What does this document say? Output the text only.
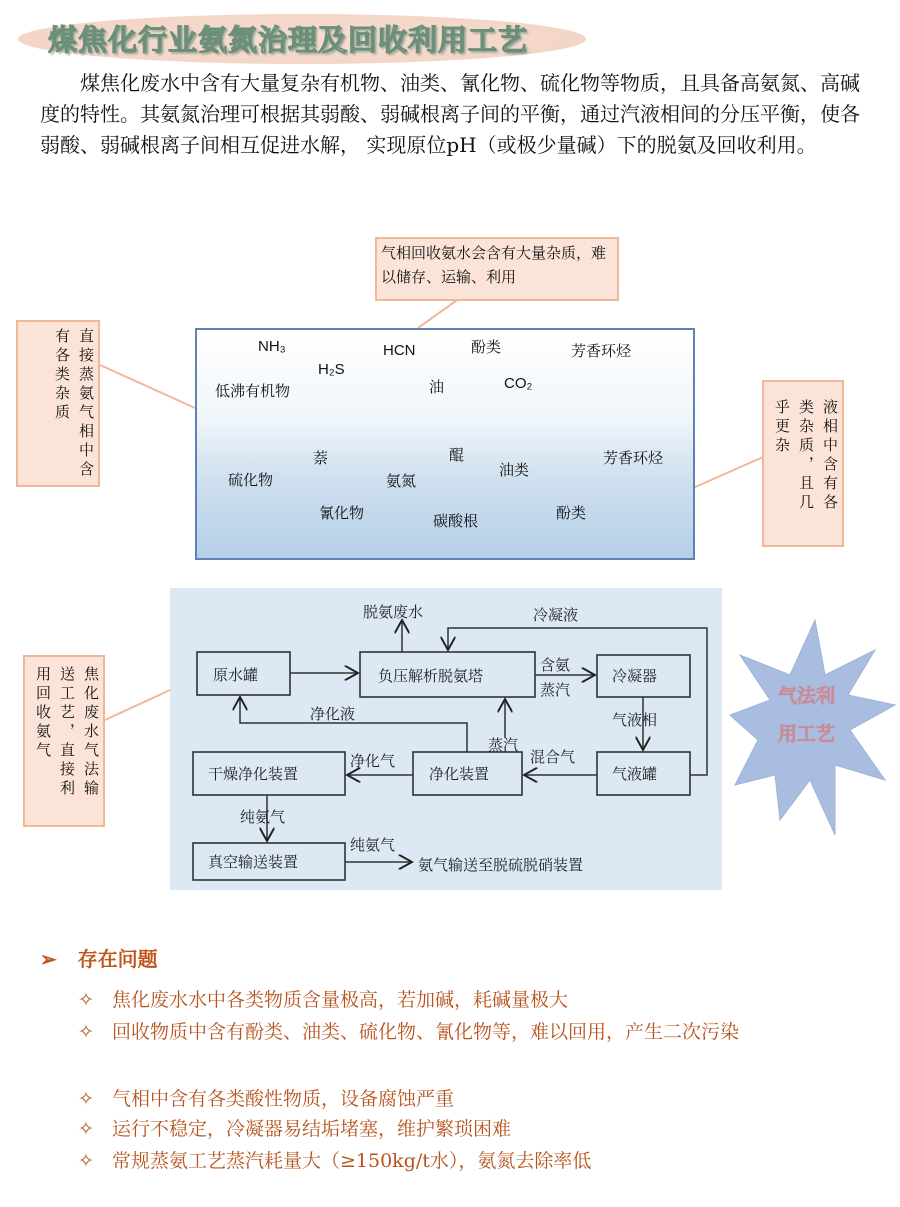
煤焦化行业氨氮治理及回收利用工艺
煤焦化废水中含有大量复杂有机物、油类、氰化物、硫化物等物质，且具备高氨氮、高碱度的特性。其氨氮治理可根据其弱酸、弱碱根离子间的平衡，通过汽液相间的分压平衡，使各弱酸、弱碱根离子间相互促进水解， 实现原位pH（或极少量碱）下的脱氨及回收利用。
气相回收氨水会含有大量杂质，难以储存、运输、利用
直接蒸氨气相中含有各类杂质
液相中含有各类杂质，且几乎更杂
NH₃	HCN	酚类	芳香环烃
H₂S
低沸有机物	油	CO₂
萘	醌	芳香环烃
油类
硫化物	氨氮
氰化物	碳酸根	酚类
原水罐	负压解析脱氨塔	冷凝器
气液罐
净化装置
干燥净化装置
真空输送装置
脱氨废水	冷凝液
含氨
蒸汽
蒸汽
净化液	气液相
混合气
净化气
纯氨气
纯氨气
氨气输送至脱硫脱硝装置
气法利
用工艺
焦化废水气法输送工艺，直接利用回收氨气
➢   存在问题
✧ 焦化废水水中各类物质含量极高，若加碱，耗碱量极大
✧ 回收物质中含有酚类、油类、硫化物、氰化物等，难以回用，产生二次污染
✧ 气相中含有各类酸性物质，设备腐蚀严重
✧ 运行不稳定，冷凝器易结垢堵塞，维护繁琐困难
✧ 常规蒸氨工艺蒸汽耗量大（≥150kg/t水），氨氮去除率低
